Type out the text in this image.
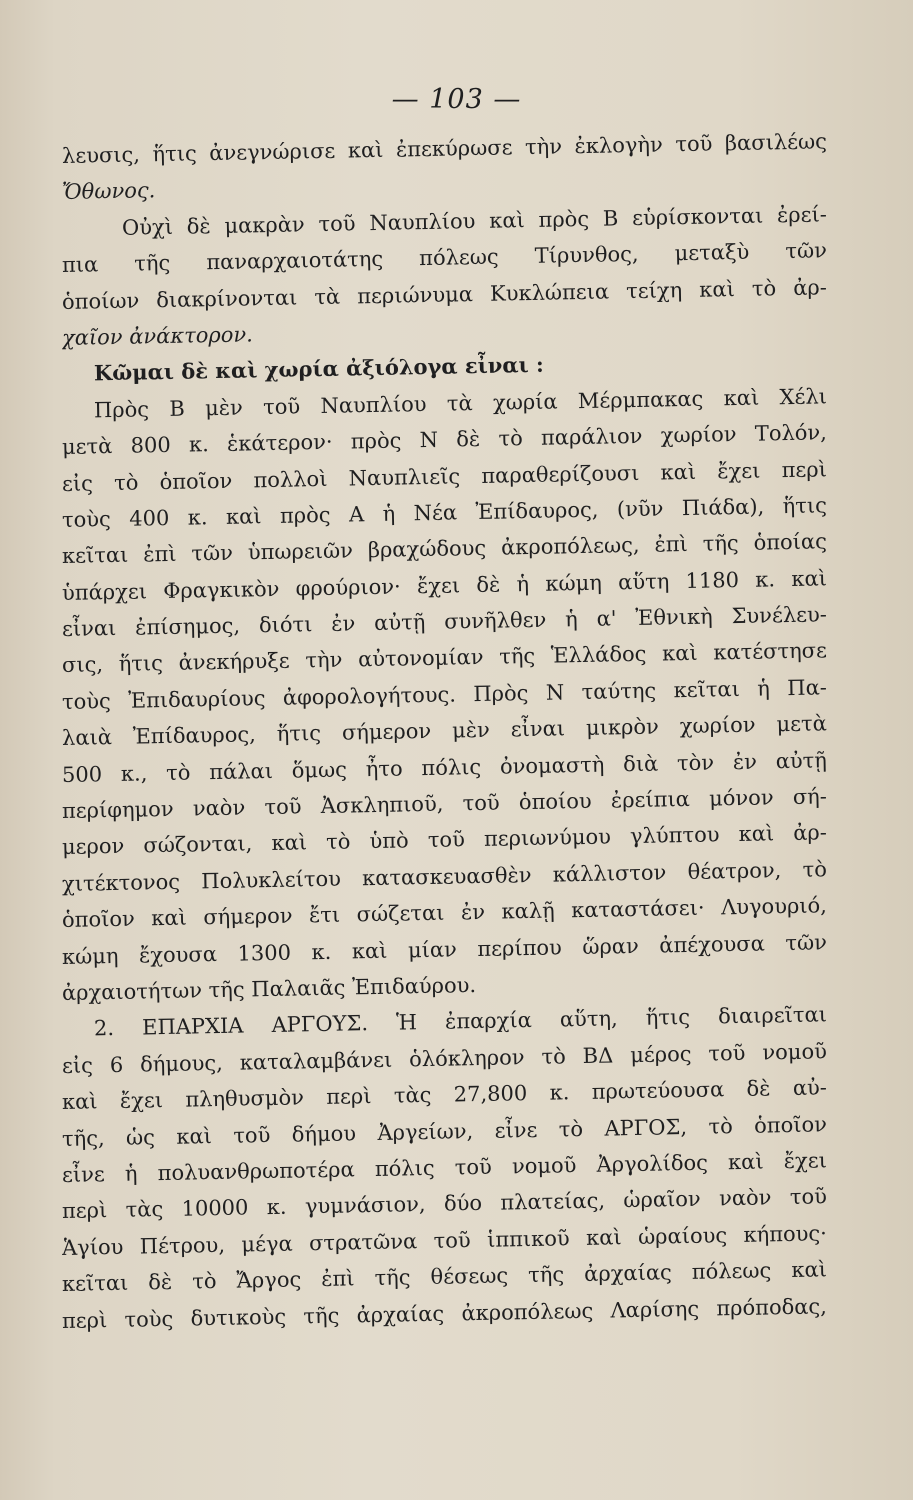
— 103 —
λευσις, ἥτις ἀνεγνώρισε καὶ ἐπεκύρωσε τὴν ἐκλογὴν τοῦ βασιλέως
Ὄθωνος.
Οὐχὶ δὲ μακρὰν τοῦ Ναυπλίου καὶ πρὸς Β εὑρίσκονται ἐρεί-
πια τῆς παναρχαιοτάτης πόλεως Τίρυνθος, μεταξὺ τῶν
ὁποίων διακρίνονται τὰ περιώνυμα Κυκλώπεια τείχη καὶ τὸ ἀρ-
χαῖον ἀνάκτορον.
Κῶμαι δὲ καὶ χωρία ἀξιόλογα εἶναι :
Πρὸς Β μὲν τοῦ Ναυπλίου τὰ χωρία Μέρμπακας καὶ Χέλι
μετὰ 800 κ. ἑκάτερον· πρὸς Ν δὲ τὸ παράλιον χωρίον Τολόν,
εἰς τὸ ὁποῖον πολλοὶ Ναυπλιεῖς παραθερίζουσι καὶ ἔχει περὶ
τοὺς 400 κ. καὶ πρὸς Α ἡ Νέα Ἐπίδαυρος, (νῦν Πιάδα), ἥτις
κεῖται ἐπὶ τῶν ὑπωρειῶν βραχώδους ἀκροπόλεως, ἐπὶ τῆς ὁποίας
ὑπάρχει Φραγκικὸν φρούριον· ἔχει δὲ ἡ κώμη αὕτη 1180 κ. καὶ
εἶναι ἐπίσημος, διότι ἐν αὐτῇ συνῆλθεν ἡ α' Ἐθνικὴ Συνέλευ-
σις, ἥτις ἀνεκήρυξε τὴν αὐτονομίαν τῆς Ἑλλάδος καὶ κατέστησε
τοὺς Ἐπιδαυρίους ἀφορολογήτους. Πρὸς Ν ταύτης κεῖται ἡ Πα-
λαιὰ Ἐπίδαυρος, ἥτις σήμερον μὲν εἶναι μικρὸν χωρίον μετὰ
500 κ., τὸ πάλαι ὅμως ἦτο πόλις ὀνομαστὴ διὰ τὸν ἐν αὐτῇ
περίφημον ναὸν τοῦ Ἀσκληπιοῦ, τοῦ ὁποίου ἐρείπια μόνον σή-
μερον σώζονται, καὶ τὸ ὑπὸ τοῦ περιωνύμου γλύπτου καὶ ἀρ-
χιτέκτονος Πολυκλείτου κατασκευασθὲν κάλλιστον θέατρον, τὸ
ὁποῖον καὶ σήμερον ἔτι σώζεται ἐν καλῇ καταστάσει· Λυγουριό,
κώμη ἔχουσα 1300 κ. καὶ μίαν περίπου ὥραν ἀπέχουσα τῶν
ἀρχαιοτήτων τῆς Παλαιᾶς Ἐπιδαύρου.
2. ΕΠΑΡΧΙΑ ΑΡΓΟΥΣ. Ἡ ἐπαρχία αὕτη, ἥτις διαιρεῖται
εἰς 6 δήμους, καταλαμβάνει ὁλόκληρον τὸ ΒΔ μέρος τοῦ νομοῦ
καὶ ἔχει πληθυσμὸν περὶ τὰς 27,800 κ. πρωτεύουσα δὲ αὐ-
τῆς, ὡς καὶ τοῦ δήμου Ἀργείων, εἶνε τὸ ΑΡΓΟΣ, τὸ ὁποῖον
εἶνε ἡ πολυανθρωποτέρα πόλις τοῦ νομοῦ Ἀργολίδος καὶ ἔχει
περὶ τὰς 10000 κ. γυμνάσιον, δύο πλατείας, ὡραῖον ναὸν τοῦ
Ἁγίου Πέτρου, μέγα στρατῶνα τοῦ ἱππικοῦ καὶ ὡραίους κήπους·
κεῖται δὲ τὸ Ἄργος ἐπὶ τῆς θέσεως τῆς ἀρχαίας πόλεως καὶ
περὶ τοὺς δυτικοὺς τῆς ἀρχαίας ἀκροπόλεως Λαρίσης πρόποδας,
